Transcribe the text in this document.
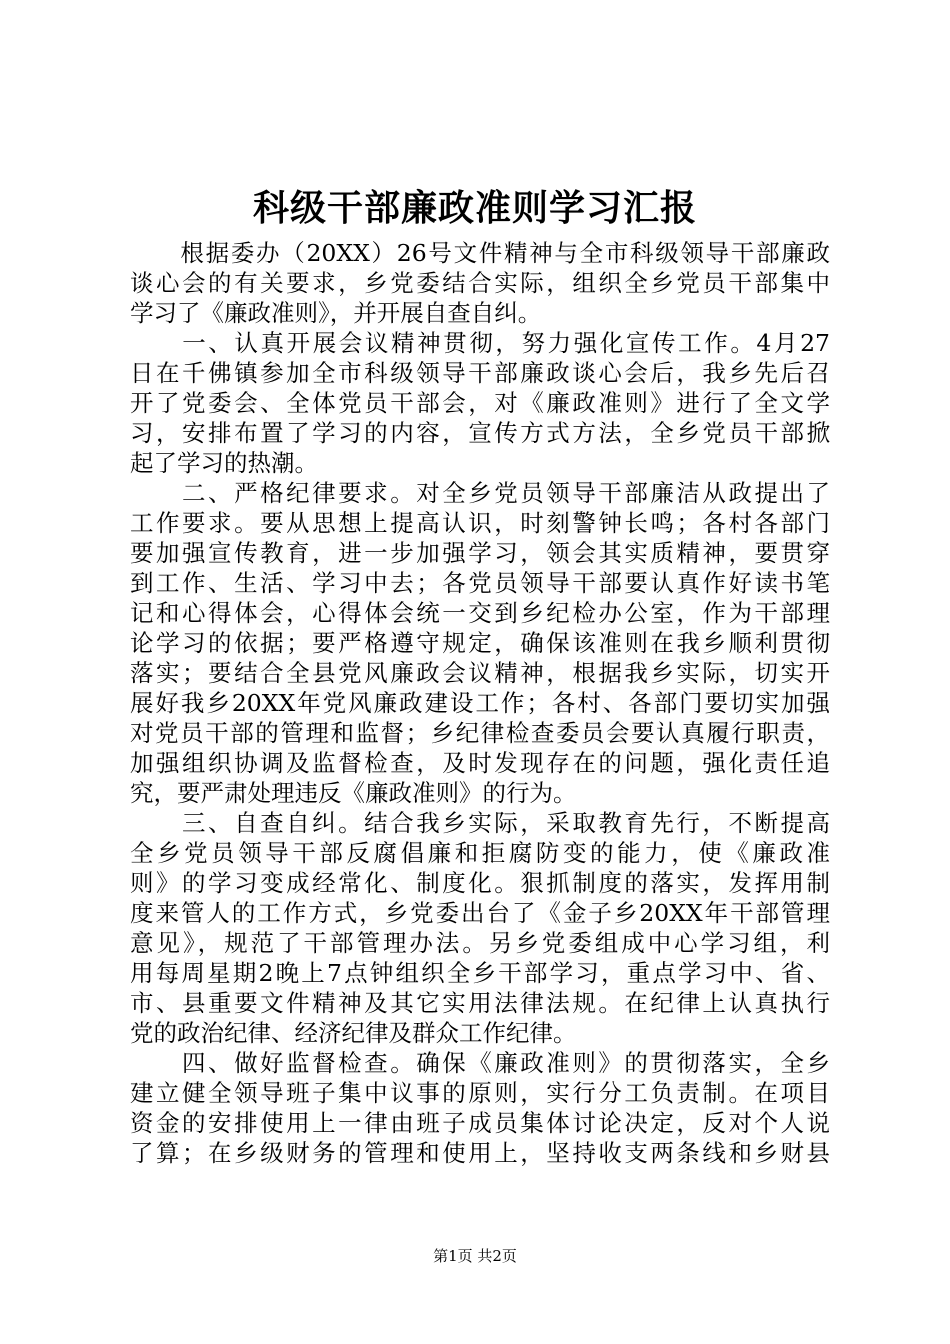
科级干部廉政准则学习汇报
　　根据委办（20XX）26号文件精神与全市科级领导干部廉政
谈心会的有关要求，乡党委结合实际，组织全乡党员干部集中
学习了《廉政准则》，并开展自查自纠。
　　一、认真开展会议精神贯彻，努力强化宣传工作。4月27
日在千佛镇参加全市科级领导干部廉政谈心会后，我乡先后召
开了党委会、全体党员干部会，对《廉政准则》进行了全文学
习，安排布置了学习的内容，宣传方式方法，全乡党员干部掀
起了学习的热潮。
　　二、严格纪律要求。对全乡党员领导干部廉洁从政提出了
工作要求。要从思想上提高认识，时刻警钟长鸣；各村各部门
要加强宣传教育，进一步加强学习，领会其实质精神，要贯穿
到工作、生活、学习中去；各党员领导干部要认真作好读书笔
记和心得体会，心得体会统一交到乡纪检办公室，作为干部理
论学习的依据；要严格遵守规定，确保该准则在我乡顺利贯彻
落实；要结合全县党风廉政会议精神，根据我乡实际，切实开
展好我乡20XX年党风廉政建设工作；各村、各部门要切实加强
对党员干部的管理和监督；乡纪律检查委员会要认真履行职责，
加强组织协调及监督检查，及时发现存在的问题，强化责任追
究，要严肃处理违反《廉政准则》的行为。
　　三、自查自纠。结合我乡实际，采取教育先行，不断提高
全乡党员领导干部反腐倡廉和拒腐防变的能力，使《廉政准
则》的学习变成经常化、制度化。狠抓制度的落实，发挥用制
度来管人的工作方式，乡党委出台了《金子乡20XX年干部管理
意见》，规范了干部管理办法。另乡党委组成中心学习组，利
用每周星期2晚上7点钟组织全乡干部学习，重点学习中、省、
市、县重要文件精神及其它实用法律法规。在纪律上认真执行
党的政治纪律、经济纪律及群众工作纪律。
　　四、做好监督检查。确保《廉政准则》的贯彻落实，全乡
建立健全领导班子集中议事的原则，实行分工负责制。在项目
资金的安排使用上一律由班子成员集体讨论决定，反对个人说
了算；在乡级财务的管理和使用上，坚持收支两条线和乡财县
第1页 共2页
